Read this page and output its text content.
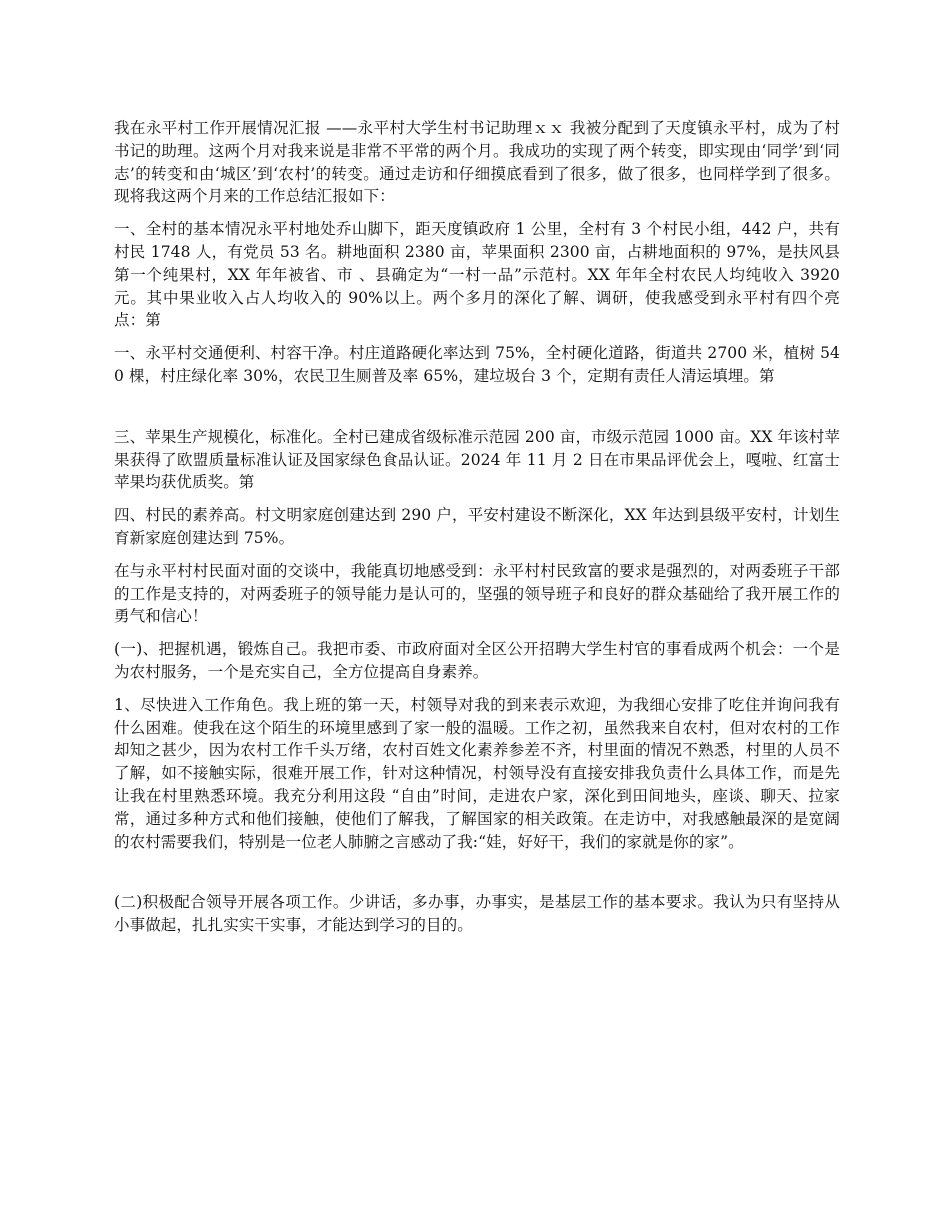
我在永平村工作开展情况汇报 ——永平村大学生村书记助理ｘｘ 我被分配到了天度镇永平村，成为了村书记的助理。这两个月对我来说是非常不平常的两个月。我成功的实现了两个转变，即实现由‘同学’到‘同志’的转变和由‘城区’到‘农村’的转变。通过走访和仔细摸底看到了很多，做了很多，也同样学到了很多。现将我这两个月来的工作总结汇报如下：

一、全村的基本情况永平村地处乔山脚下，距天度镇政府 1 公里，全村有 3 个村民小组，442 户，共有村民 1748 人，有党员 53 名。耕地面积 2380 亩，苹果面积 2300 亩，占耕地面积的 97%，是扶风县第一个纯果村，XX 年年被省、市 、县确定为“一村一品”示范村。XX 年年全村农民人均纯收入 3920 元。其中果业收入占人均收入的 90%以上。两个多月的深化了解、调研，使我感受到永平村有四个亮点：第

一、永平村交通便利、村容干净。村庄道路硬化率达到 75%，全村硬化道路，街道共 2700 米，植树 540 棵，村庄绿化率 30%，农民卫生厕普及率 65%，建垃圾台 3 个，定期有责任人清运填埋。第

三、苹果生产规模化，标准化。全村已建成省级标准示范园 200 亩，市级示范园 1000 亩。XX 年该村苹果获得了欧盟质量标准认证及国家绿色食品认证。2024 年 11 月 2 日在市果品评优会上，嘎啦、红富士苹果均获优质奖。第

四、村民的素养高。村文明家庭创建达到 290 户，平安村建设不断深化，XX 年达到县级平安村，计划生育新家庭创建达到 75%。

在与永平村村民面对面的交谈中，我能真切地感受到：永平村村民致富的要求是强烈的，对两委班子干部的工作是支持的，对两委班子的领导能力是认可的，坚强的领导班子和良好的群众基础给了我开展工作的勇气和信心！

(一)、把握机遇，锻炼自己。我把市委、市政府面对全区公开招聘大学生村官的事看成两个机会：一个是为农村服务，一个是充实自己，全方位提高自身素养。

1、尽快进入工作角色。我上班的第一天，村领导对我的到来表示欢迎，为我细心安排了吃住并询问我有什么困难。使我在这个陌生的环境里感到了家一般的温暖。工作之初，虽然我来自农村，但对农村的工作却知之甚少，因为农村工作千头万绪，农村百姓文化素养参差不齐，村里面的情况不熟悉，村里的人员不了解，如不接触实际，很难开展工作，针对这种情况，村领导没有直接安排我负责什么具体工作，而是先让我在村里熟悉环境。我充分利用这段 “自由”时间，走进农户家，深化到田间地头，座谈、聊天、拉家常，通过多种方式和他们接触，使他们了解我，了解国家的相关政策。在走访中，对我感触最深的是宽阔的农村需要我们，特别是一位老人肺腑之言感动了我:“娃，好好干，我们的家就是你的家”。

(二)积极配合领导开展各项工作。少讲话，多办事，办事实，是基层工作的基本要求。我认为只有坚持从小事做起，扎扎实实干实事，才能达到学习的目的。
